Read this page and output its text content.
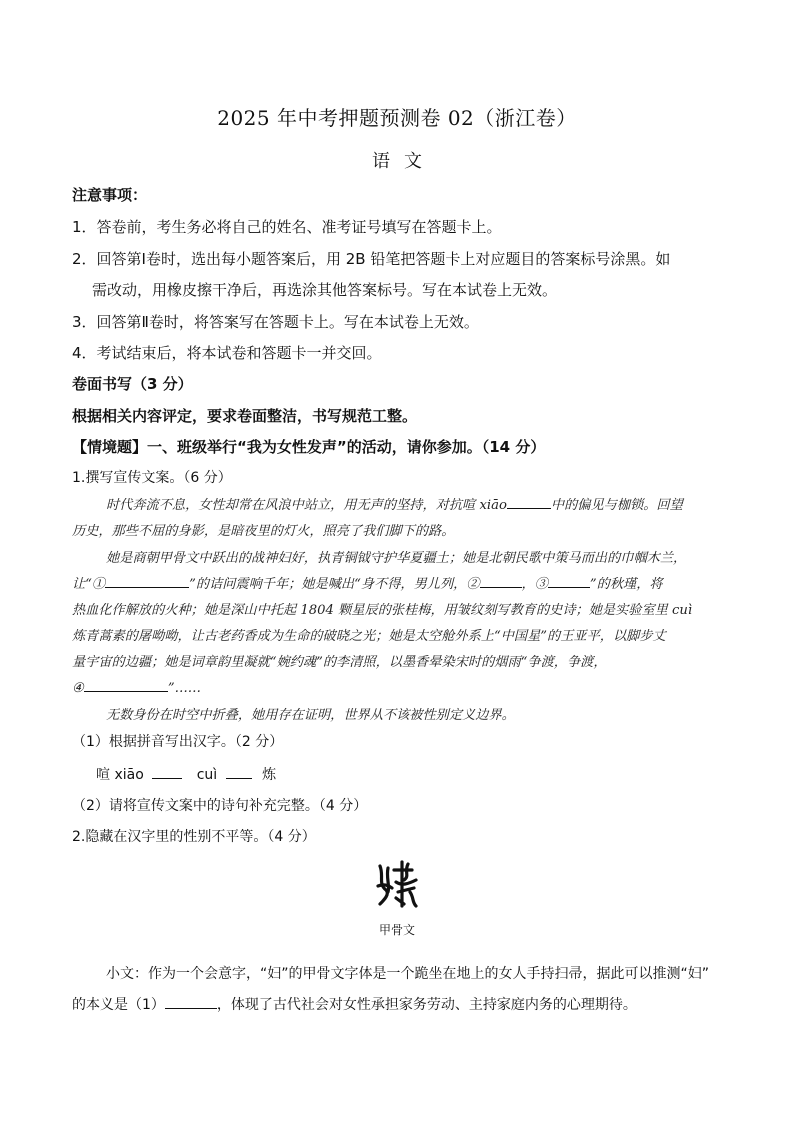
2025 年中考押题预测卷 02（浙江卷）
语文
注意事项：
1．答卷前，考生务必将自己的姓名、准考证号填写在答题卡上。
2．回答第Ⅰ卷时，选出每小题答案后，用 2B 铅笔把答题卡上对应题目的答案标号涂黑。如
需改动，用橡皮擦干净后，再选涂其他答案标号。写在本试卷上无效。
3．回答第Ⅱ卷时，将答案写在答题卡上。写在本试卷上无效。
4．考试结束后，将本试卷和答题卡一并交回。
卷面书写（3 分）
根据相关内容评定，要求卷面整洁，书写规范工整。
【情境题】一、班级举行“我为女性发声”的活动，请你参加。（14 分）
1.撰写宣传文案。（6 分）
时代奔流不息，女性却常在风浪中站立，用无声的坚持，对抗喧 xiāo	中的偏见与枷锁。回望
历史，那些不屈的身影，是暗夜里的灯火，照亮了我们脚下的路。
她是商朝甲骨文中跃出的战神妇好，执青铜钺守护华夏疆土；她是北朝民歌中策马而出的巾帼木兰，
让“①	”的诘问震响千年；她是喊出“身不得，男儿列，②	，③	”的秋瑾，将
热血化作解放的火种；她是深山中托起 1804 颗星辰的张桂梅，用皱纹刻写教育的史诗；她是实验室里 cuì
炼青蒿素的屠呦呦，让古老药香成为生命的破晓之光；她是太空舱外系上“中国星”的王亚平，以脚步丈
量宇宙的边疆；她是词章韵里凝就“婉约魂”的李清照，以墨香晕染宋时的烟雨“争渡，争渡，
④	”……
无数身份在时空中折叠，她用存在证明，世界从不该被性别定义边界。
（1）根据拼音写出汉字。（2 分）
喧 xiāo	cuì	炼
（2）请将宣传文案中的诗句补充完整。（4 分）
2.隐藏在汉字里的性别不平等。（4 分）
甲骨文
小文：作为一个会意字，“妇”的甲骨文字体是一个跪坐在地上的女人手持扫帚，据此可以推测“妇”
的本义是（1）	，体现了古代社会对女性承担家务劳动、主持家庭内务的心理期待。
